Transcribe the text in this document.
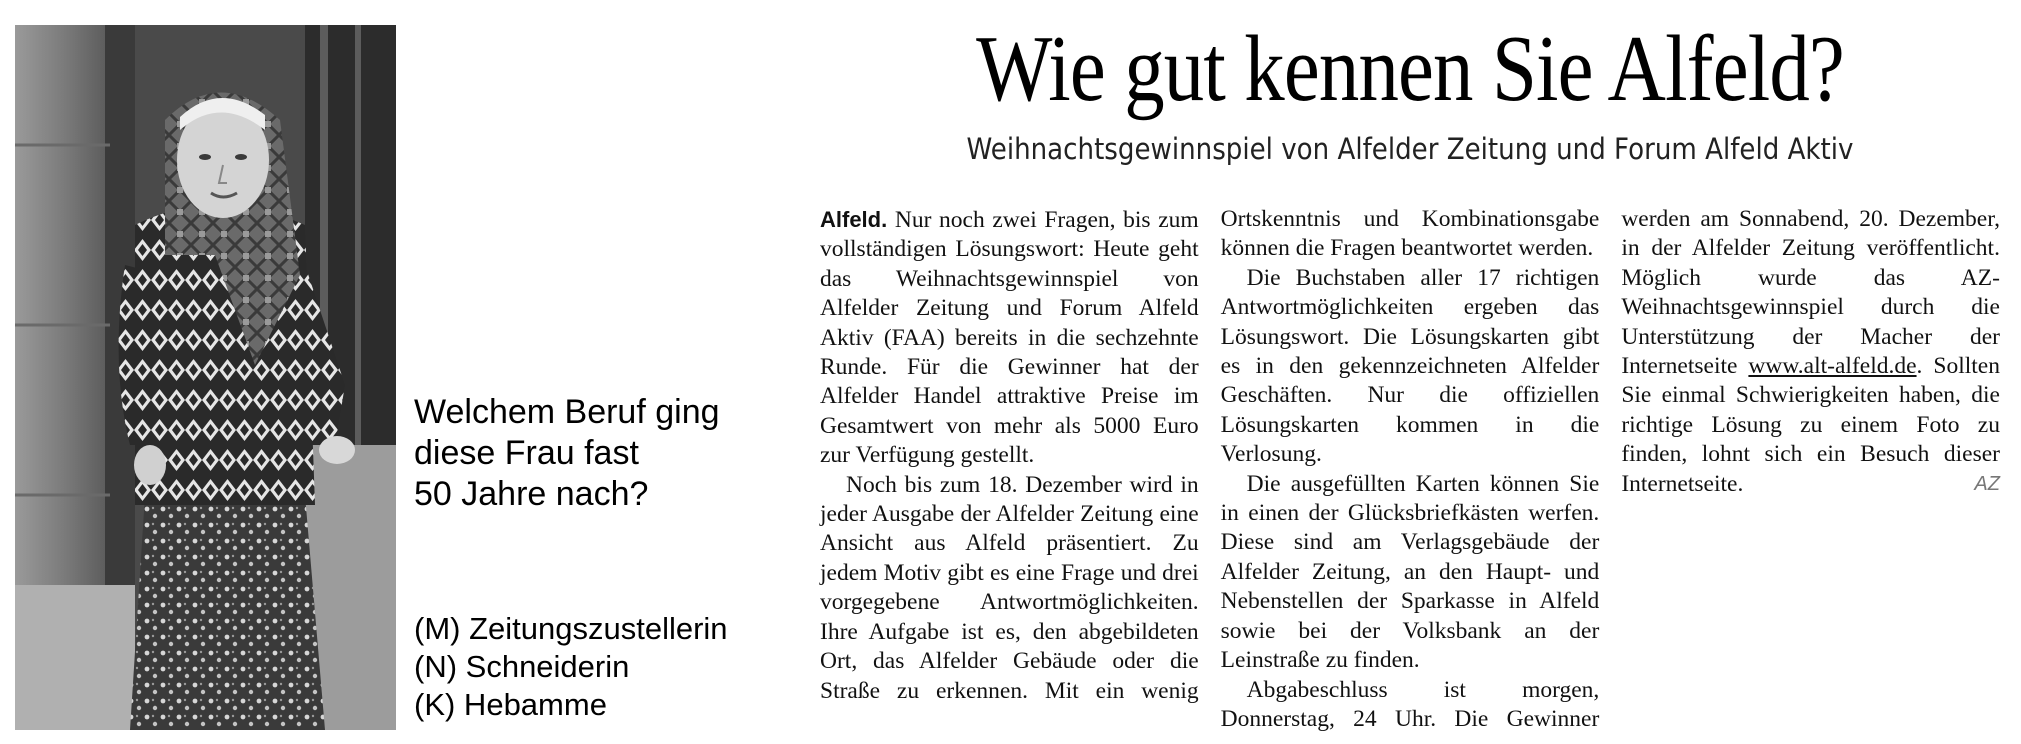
Welchem Beruf ging
diese Frau fast
50 Jahre nach?
(M) Zeitungszustellerin
(N) Schneiderin
(K) Hebamme
Wie gut kennen Sie Alfeld?
Weihnachtsgewinnspiel von Alfelder Zeitung und Forum Alfeld Aktiv

Alfeld. Nur noch zwei Fragen, bis zum vollständigen Lösungswort: Heute geht das Weihnachtsgewinnspiel von Alfelder Zeitung und Forum Alfeld Aktiv (FAA) bereits in die sechzehnte Runde. Für die Gewinner hat der Alfelder Handel attraktive Preise im Gesamtwert von mehr als 5000 Euro zur Verfügung gestellt.

Noch bis zum 18. Dezember wird in jeder Ausgabe der Alfelder Zeitung eine Ansicht aus Alfeld präsentiert. Zu jedem Motiv gibt es eine Frage und drei vorgegebene Antwortmöglichkeiten. Ihre Aufgabe ist es, den abgebildeten Ort, das Alfelder Gebäude oder die Straße zu erkennen. Mit ein wenig Ortskenntnis und Kombinationsgabe können die Fragen beantwortet werden.

Die Buchstaben aller 17 richtigen Antwortmöglichkeiten ergeben das Lösungswort. Die Lösungskarten gibt es in den gekennzeichneten Alfelder Geschäften. Nur die offiziellen Lösungskarten kommen in die Verlosung.

Die ausgefüllten Karten können Sie in einen der Glücksbriefkästen werfen. Diese sind am Verlagsgebäude der Alfelder Zeitung, an den Haupt- und Nebenstellen der Sparkasse in Alfeld sowie bei der Volksbank an der Leinstraße zu finden.

Abgabeschluss ist morgen, Donnerstag, 24 Uhr. Die Gewinner werden am Sonnabend, 20. Dezember, in der Alfelder Zeitung veröffentlicht. Möglich wurde das AZ-Weihnachtsgewinnspiel durch die Unterstützung der Macher der Internetseite www.alt-alfeld.de. Sollten Sie einmal Schwierigkeiten haben, die richtige Lösung zu einem Foto zu finden, lohnt sich ein Besuch dieser Internetseite.	AZ
